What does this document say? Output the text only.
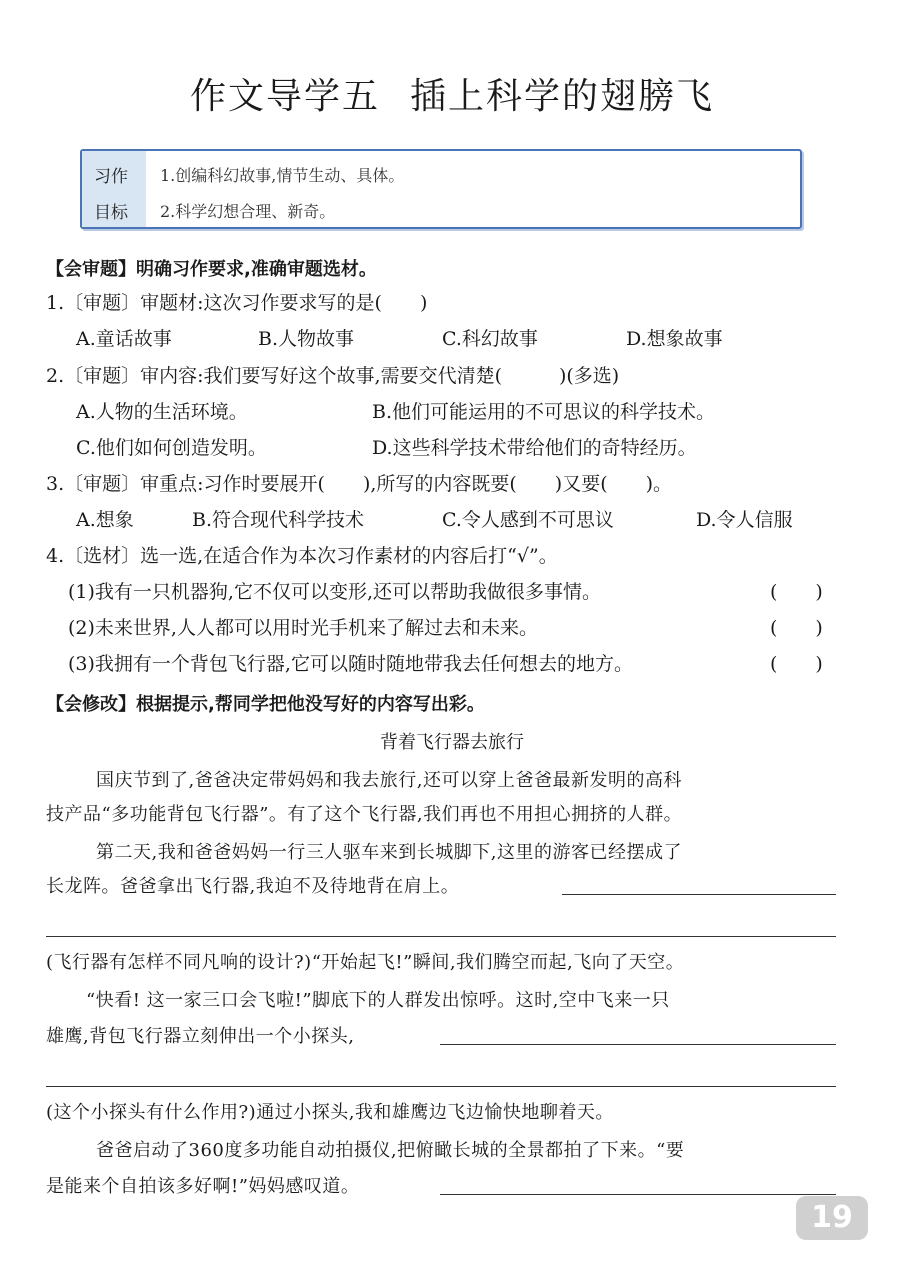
作文导学五 插上科学的翅膀飞
习作
目标
1.创编科幻故事,情节生动、具体。
2.科学幻想合理、新奇。
【会审题】明确习作要求,准确审题选材。
1.〔审题〕审题材:这次习作要求写的是(　　)
A.童话故事	B.人物故事	C.科幻故事	D.想象故事
2.〔审题〕审内容:我们要写好这个故事,需要交代清楚(　　　)(多选)
A.人物的生活环境。	B.他们可能运用的不可思议的科学技术。
C.他们如何创造发明。	D.这些科学技术带给他们的奇特经历。
3.〔审题〕审重点:习作时要展开(　　),所写的内容既要(　　)又要(　　)。
A.想象	B.符合现代科学技术	C.令人感到不可思议	D.令人信服
4.〔选材〕选一选,在适合作为本次习作素材的内容后打“√”。
(1)我有一只机器狗,它不仅可以变形,还可以帮助我做很多事情。	(　　)
(2)未来世界,人人都可以用时光手机来了解过去和未来。	(　　)
(3)我拥有一个背包飞行器,它可以随时随地带我去任何想去的地方。	(　　)
【会修改】根据提示,帮同学把他没写好的内容写出彩。
背着飞行器去旅行
国庆节到了,爸爸决定带妈妈和我去旅行,还可以穿上爸爸最新发明的高科
技产品“多功能背包飞行器”。有了这个飞行器,我们再也不用担心拥挤的人群。
第二天,我和爸爸妈妈一行三人驱车来到长城脚下,这里的游客已经摆成了
长龙阵。爸爸拿出飞行器,我迫不及待地背在肩上。
(飞行器有怎样不同凡响的设计?)“开始起飞!”瞬间,我们腾空而起,飞向了天空。
“快看! 这一家三口会飞啦!”脚底下的人群发出惊呼。这时,空中飞来一只
雄鹰,背包飞行器立刻伸出一个小探头,
(这个小探头有什么作用?)通过小探头,我和雄鹰边飞边愉快地聊着天。
爸爸启动了360度多功能自动拍摄仪,把俯瞰长城的全景都拍了下来。“要
是能来个自拍该多好啊!”妈妈感叹道。
19
